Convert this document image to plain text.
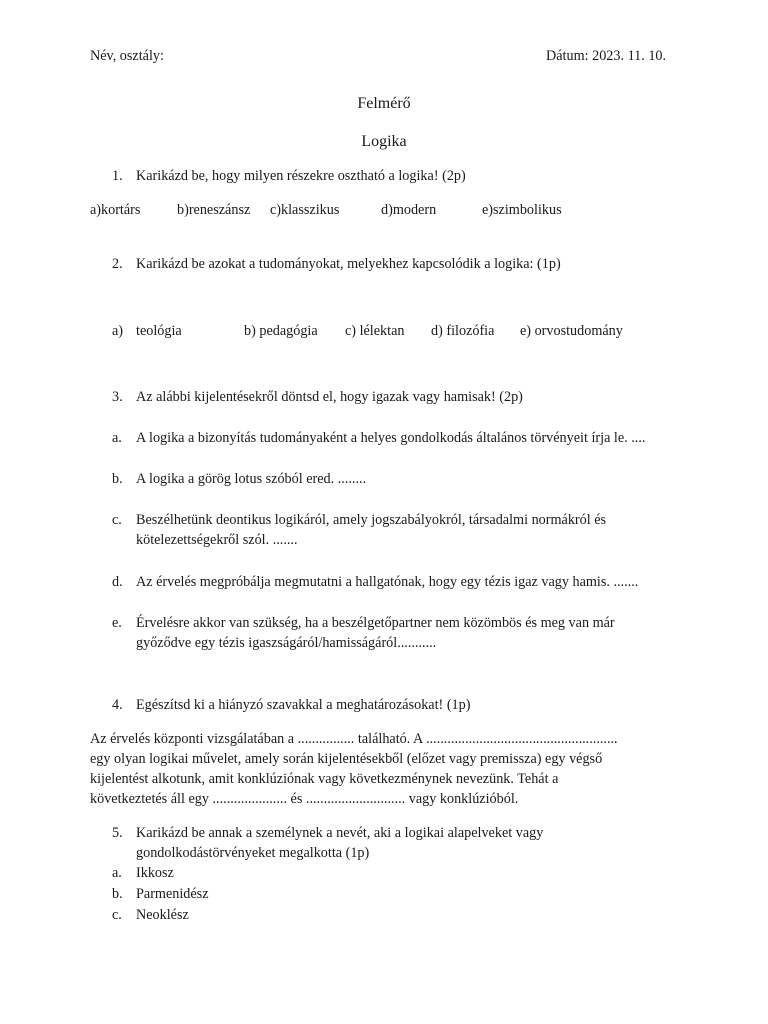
Név, osztály:	Dátum: 2023. 11. 10.
Felmérő
Logika
1. Karikázd be, hogy milyen részekre osztható a logika! (2p)
a)kortárs	b)reneszánsz c)klasszikus	d)modern	e)szimbolikus
2. Karikázd be azokat a tudományokat, melyekhez kapcsolódik a logika: (1p)
a) teológia	b) pedagógia c) lélektan d) filozófia e) orvostudomány
3. Az alábbi kijelentésekről döntsd el, hogy igazak vagy hamisak! (2p)
a. A logika a bizonyítás tudományaként a helyes gondolkodás általános törvényeit írja le. ....
b. A logika a görög lotus szóból ered. ........
c. Beszélhetünk deontikus logikáról, amely jogszabályokról, társadalmi normákról és
kötelezettségekről szól. .......
d. Az érvelés megpróbálja megmutatni a hallgatónak, hogy egy tézis igaz vagy hamis. .......
e. Érvelésre akkor van szükség, ha a beszélgetőpartner nem közömbös és meg van már
győződve egy tézis igaszságáról/hamisságáról...........
4. Egészítsd ki a hiányzó szavakkal a meghatározásokat! (1p)
Az érvelés központi vizsgálatában a ................ található. A ......................................................
egy olyan logikai művelet, amely során kijelentésekből (előzet vagy premissza) egy végső
kijelentést alkotunk, amit konklúziónak vagy következménynek nevezünk. Tehát a
következtetés áll egy ..................... és ............................ vagy konklúzióból.
5. Karikázd be annak a személynek a nevét, aki a logikai alapelveket vagy
gondolkodástörvényeket megalkotta (1p)
a. Ikkosz
b. Parmenidész
c. Neoklész
